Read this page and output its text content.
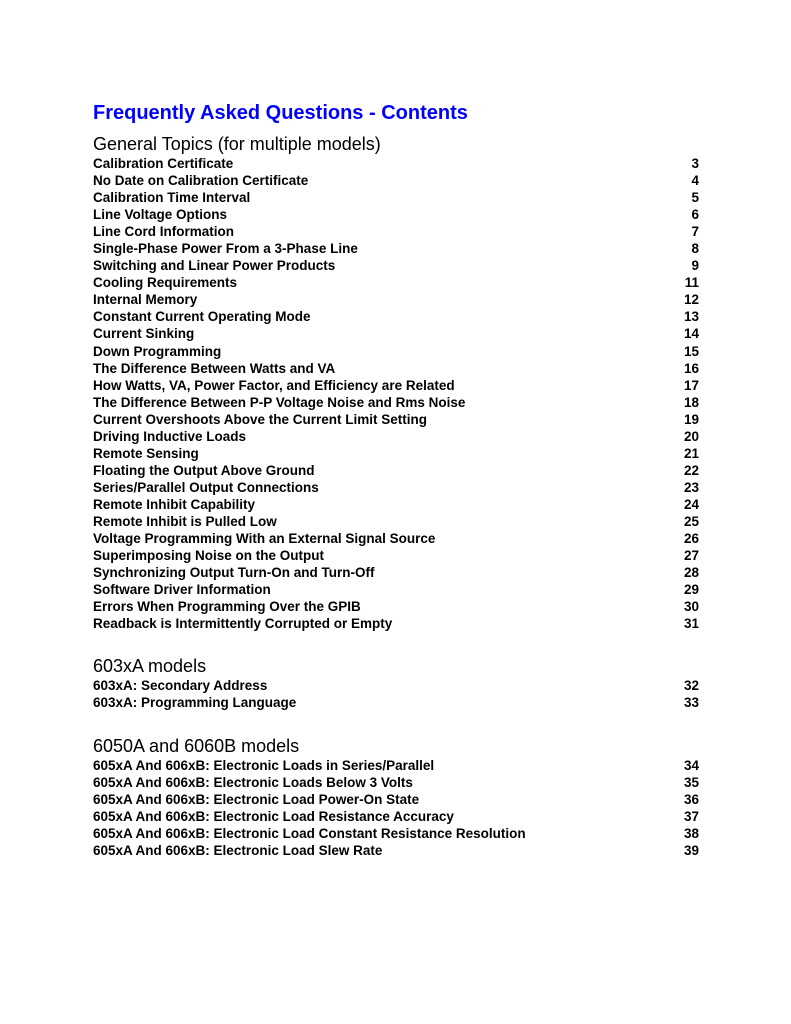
Frequently Asked Questions - Contents
General Topics (for multiple models)
Calibration Certificate	3
No Date on Calibration Certificate	4
Calibration Time Interval	5
Line Voltage Options	6
Line Cord Information	7
Single-Phase Power From a 3-Phase Line	8
Switching and Linear Power Products	9
Cooling Requirements	11
Internal Memory	12
Constant Current Operating Mode	13
Current Sinking	14
Down Programming	15
The Difference Between Watts and VA	16
How Watts, VA, Power Factor, and Efficiency are Related	17
The Difference Between P-P Voltage Noise and Rms Noise	18
Current Overshoots Above the Current Limit Setting	19
Driving Inductive Loads	20
Remote Sensing	21
Floating the Output Above Ground	22
Series/Parallel Output Connections	23
Remote Inhibit Capability	24
Remote Inhibit is Pulled Low	25
Voltage Programming With an External Signal Source	26
Superimposing Noise on the Output	27
Synchronizing Output Turn-On and Turn-Off	28
Software Driver Information	29
Errors When Programming Over the GPIB	30
Readback is Intermittently Corrupted or Empty	31
603xA models
603xA: Secondary Address	32
603xA: Programming Language	33
6050A and 6060B models
605xA And 606xB: Electronic Loads in Series/Parallel	34
605xA And 606xB: Electronic Loads Below 3 Volts	35
605xA And 606xB: Electronic Load Power-On State	36
605xA And 606xB: Electronic Load Resistance Accuracy	37
605xA And 606xB: Electronic Load Constant Resistance Resolution	38
605xA And 606xB: Electronic Load Slew Rate	39
